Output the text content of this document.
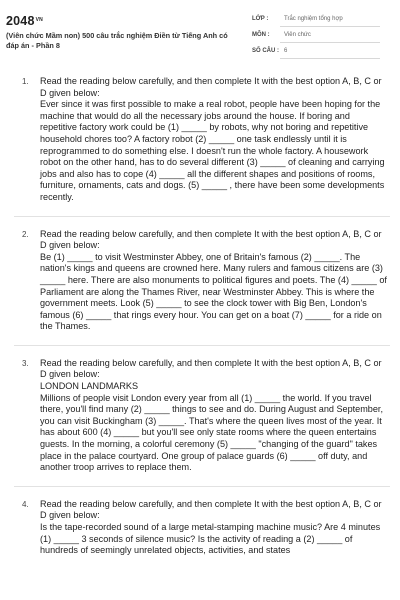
$2048^{VN}$
(Viên chức Mầm non) 500 câu trắc nghiệm Điền từ Tiếng Anh có đáp án - Phần 8
LỚP :	Trắc nghiệm tổng hợp
MÔN : Viên chức
SỐ CÂU : 6
1. Read the reading below carefully, and then complete It with the best option A, B, C or D given below:

Ever since it was first possible to make a real robot, people have been hoping for the machine that would do all the necessary jobs around the house. If boring and repetitive factory work could be (1) _____ by robots, why not boring and repetitive household chores too? A factory robot (2) _____ one task endlessly until it is reprogrammed to do something else. I doesn't run the whole factory. A housework robot on the other hand, has to do several different (3) _____ of cleaning and carrying jobs and also has to cope (4) _____ all the different shapes and positions of rooms, furniture, ornaments, cats and dogs. (5) _____ , there have been some developments recently.

2. Read the reading below carefully, and then complete It with the best option A, B, C or D given below:

Be (1) _____ to visit Westminster Abbey, one of Britain's famous (2) _____. The nation's kings and queens are crowned here. Many rulers and famous citizens are (3) _____ here. There are also monuments to political figures and poets. The (4) _____ of Parliament are along the Thames River, near Westminster Abbey. This is where the government meets. Look (5) _____ to see the clock tower with Big Ben, London's famous (6) _____ that rings every hour. You can get on a boat (7) _____ for a ride on the Thames.

3. Read the reading below carefully, and then complete It with the best option A, B, C or D given below:

LONDON LANDMARKS

Millions of people visit London every year from all (1) _____ the world. If you travel there, you'll find many (2) _____ things to see and do. During August and September, you can visit Buckingham (3) _____. That's where the queen lives most of the year. It has about 600 (4) _____ but you'll see only state rooms where the queen entertains guests. In the morning, a colorful ceremony (5) _____ "changing of the guard" takes place in the palace courtyard. One group of palace guards (6) _____ off duty, and another troop arrives to replace them.

4. Read the reading below carefully, and then complete It with the best option A, B, C or D given below:

Is the tape-recorded sound of a large metal-stamping machine music? Are 4 minutes (1) _____ 3 seconds of silence music? Is the activity of reading a (2) _____ of hundreds of seemingly unrelated objects, activities, and states
